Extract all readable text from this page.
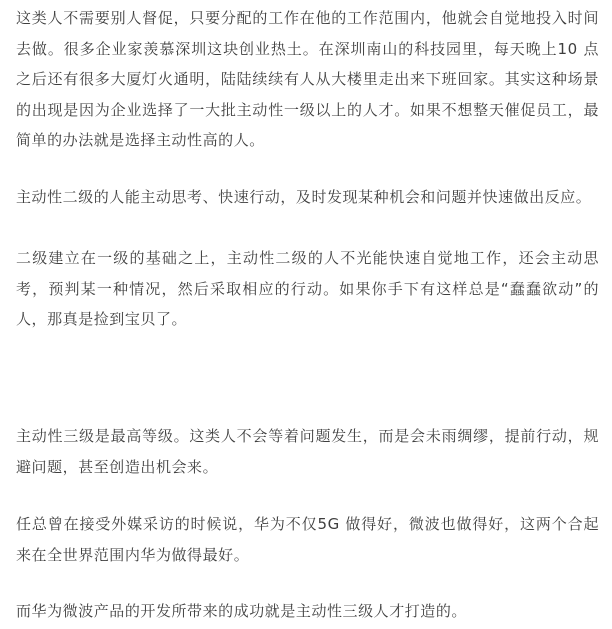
这类人不需要别人督促，只要分配的工作在他的工作范围内，他就会自觉地投入时间去做。很多企业家羡慕深圳这块创业热土。在深圳南山的科技园里，每天晚上10 点之后还有很多大厦灯火通明，陆陆续续有人从大楼里走出来下班回家。其实这种场景的出现是因为企业选择了一大批主动性一级以上的人才。如果不想整天催促员工，最简单的办法就是选择主动性高的人。

主动性二级的人能主动思考、快速行动，及时发现某种机会和问题并快速做出反应。

二级建立在一级的基础之上，主动性二级的人不光能快速自觉地工作，还会主动思考，预判某一种情况，然后采取相应的行动。如果你手下有这样总是“蠢蠢欲动”的人，那真是捡到宝贝了。

主动性三级是最高等级。这类人不会等着问题发生，而是会未雨绸缪，提前行动，规避问题，甚至创造出机会来。

任总曾在接受外媒采访的时候说，华为不仅5G 做得好，微波也做得好，这两个合起来在全世界范围内华为做得最好。

而华为微波产品的开发所带来的成功就是主动性三级人才打造的。
